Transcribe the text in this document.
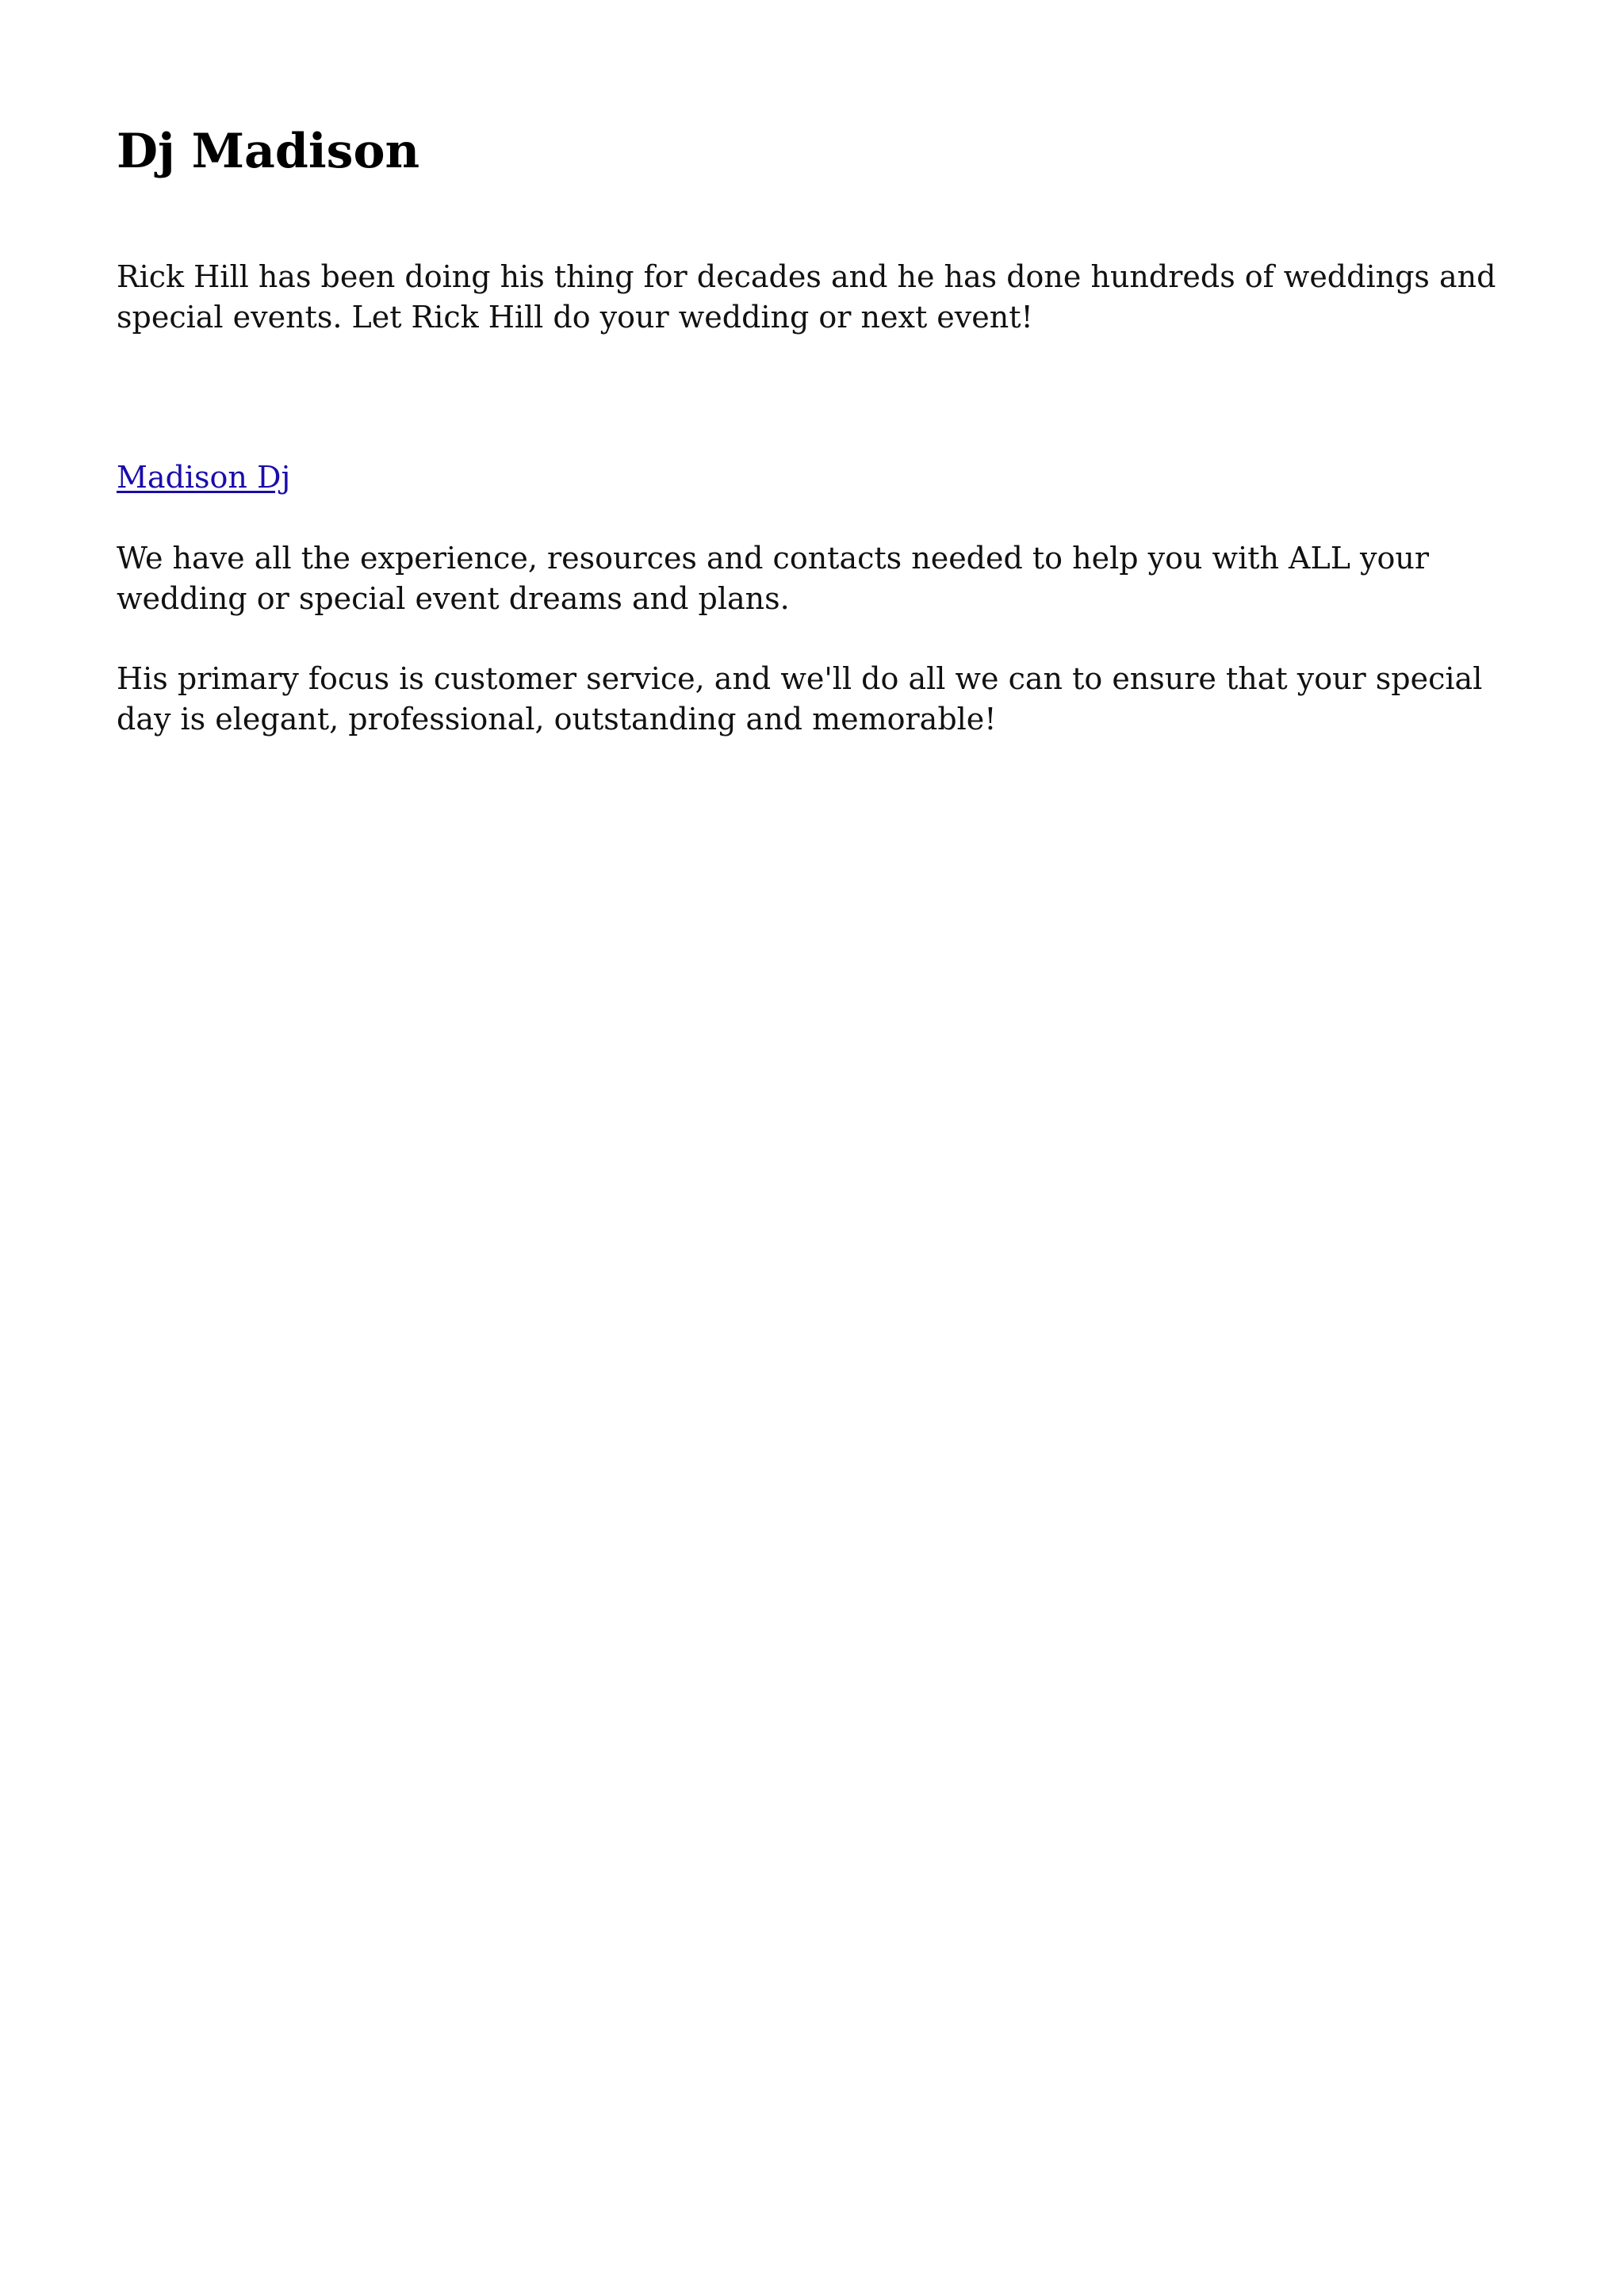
Dj Madison

Rick Hill has been doing his thing for decades and he has done hundreds of weddings and special events. Let Rick Hill do your wedding or next event!

Madison Dj

We have all the experience, resources and contacts needed to help you with ALL your wedding or special event dreams and plans.

His primary focus is customer service, and we'll do all we can to ensure that your special day is elegant, professional, outstanding and memorable!
